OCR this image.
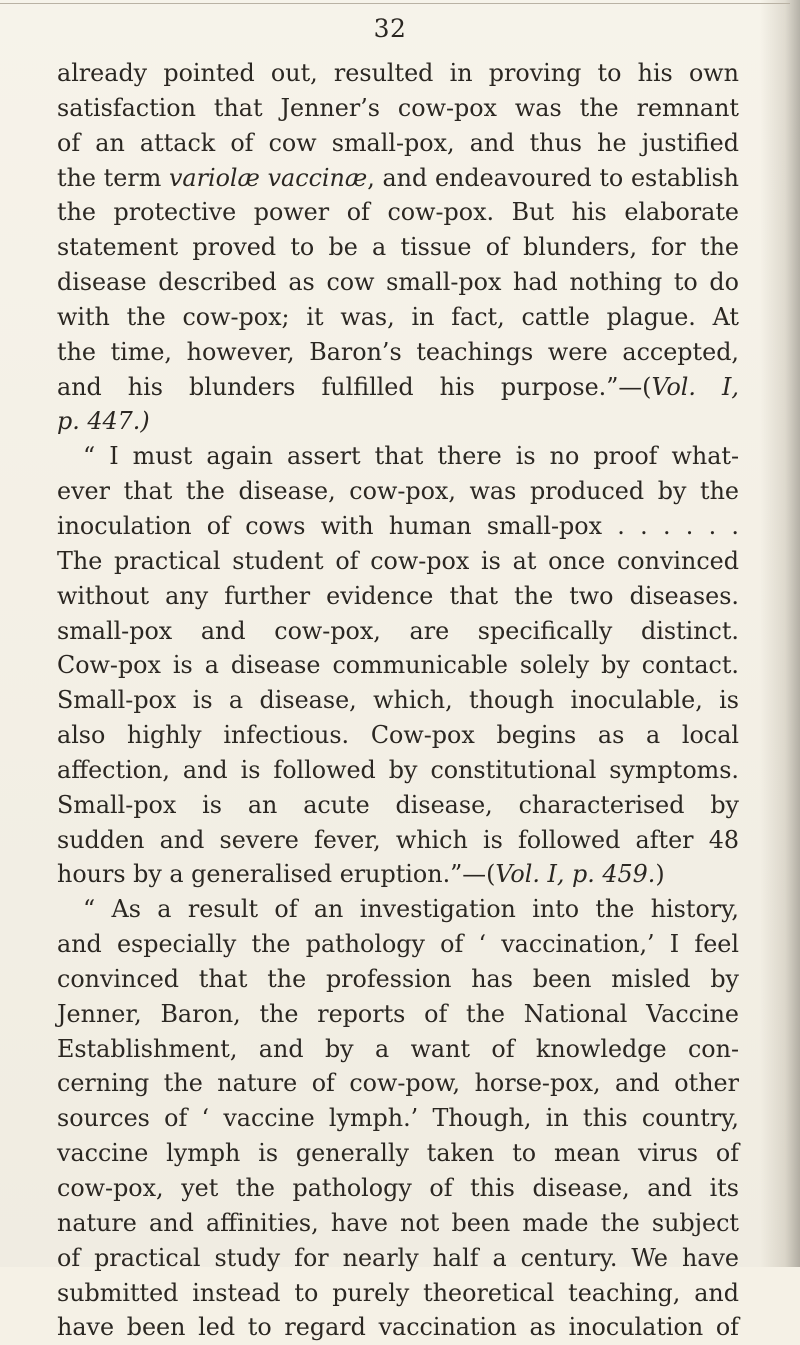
32
already pointed out, resulted in proving to his own
satisfaction that Jenner’s cow-pox was the remnant
of an attack of cow small-pox, and thus he justified
the term variolæ vaccinæ, and endeavoured to establish
the protective power of cow-pox. But his elaborate
statement proved to be a tissue of blunders, for the
disease described as cow small-pox had nothing to do
with the cow-pox; it was, in fact, cattle plague. At
the time, however, Baron’s teachings were accepted,
and his blunders fulfilled his purpose.”—(Vol. I,
p. 447.)
“ I must again assert that there is no proof what-
ever that the disease, cow-pox, was produced by the
inoculation of cows with human small-pox . . . . . .
The practical student of cow-pox is at once convinced
without any further evidence that the two diseases.
small-pox and cow-pox, are specifically distinct.
Cow-pox is a disease communicable solely by contact.
Small-pox is a disease, which, though inoculable, is
also highly infectious. Cow-pox begins as a local
affection, and is followed by constitutional symptoms.
Small-pox is an acute disease, characterised by
sudden and severe fever, which is followed after 48
hours by a generalised eruption.”—(Vol. I, p. 459.)
“ As a result of an investigation into the history,
and especially the pathology of ‘ vaccination,’ I feel
convinced that the profession has been misled by
Jenner, Baron, the reports of the National Vaccine
Establishment, and by a want of knowledge con-
cerning the nature of cow-pow, horse-pox, and other
sources of ‘ vaccine lymph.’ Though, in this country,
vaccine lymph is generally taken to mean virus of
cow-pox, yet the pathology of this disease, and its
nature and affinities, have not been made the subject
of practical study for nearly half a century. We have
submitted instead to purely theoretical teaching, and
have been led to regard vaccination as inoculation of
